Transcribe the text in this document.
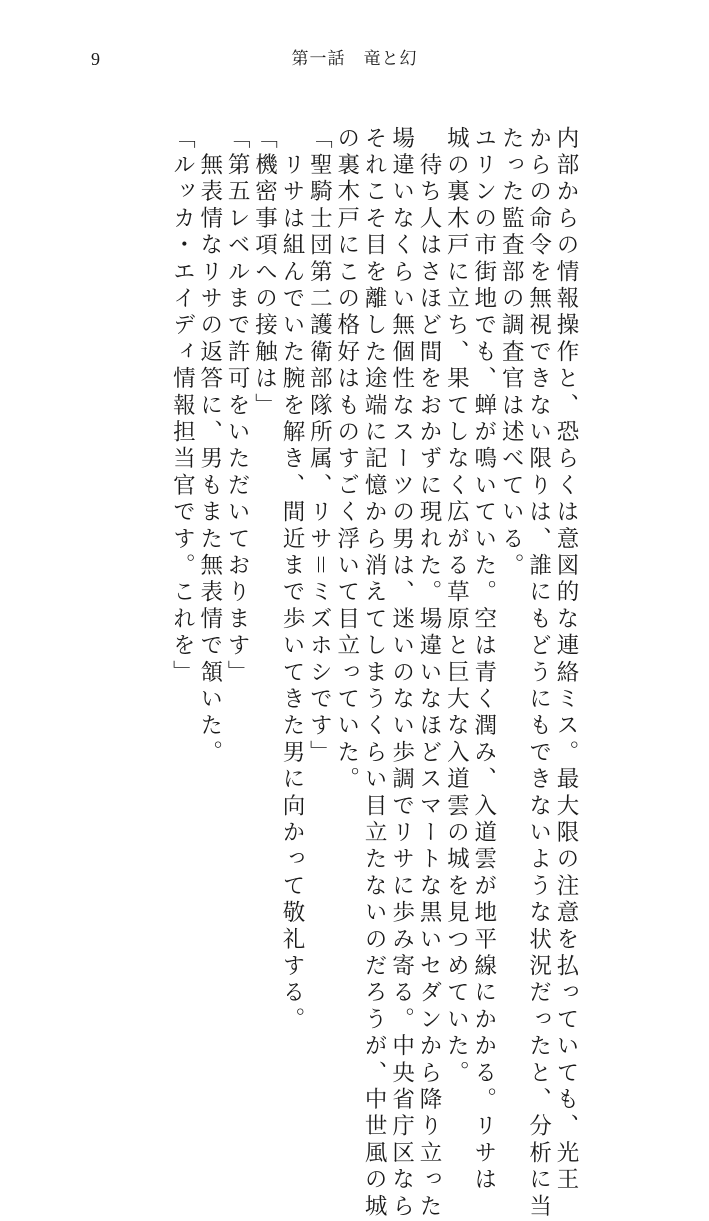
9	第一話　竜と幻
内部からの情報操作と、恐らくは意図的な連絡ミス。最大限の注意を払っていても、光王
からの命令を無視できない限りは、誰にもどうにもできないような状況だったと、分析に当
たった監査部の調査官は述べている。
ユリンの市街地でも、蝉が鳴いていた。空は青く潤み、入道雲が地平線にかかる。リサは
城の裏木戸に立ち、果てしなく広がる草原と巨大な入道雲の城を見つめていた。
　待ち人はさほど間をおかずに現れた。場違いなほどスマートな黒いセダンから降り立った
場違いなくらい無個性なスーツの男は、迷いのない歩調でリサに歩み寄る。中央省庁区なら
それこそ目を離した途端に記憶から消えてしまうくらい目立たないのだろうが、中世風の城
の裏木戸にこの格好はものすごく浮いて目立っていた。
「聖騎士団第二護衛部隊所属、リサ＝ミズホシです」
　リサは組んでいた腕を解き、間近まで歩いてきた男に向かって敬礼する。
「機密事項への接触は」
「第五レベルまで許可をいただいております」
　無表情なリサの返答に、男もまた無表情で頷いた。
「ルッカ・エイディ情報担当官です。これを」
